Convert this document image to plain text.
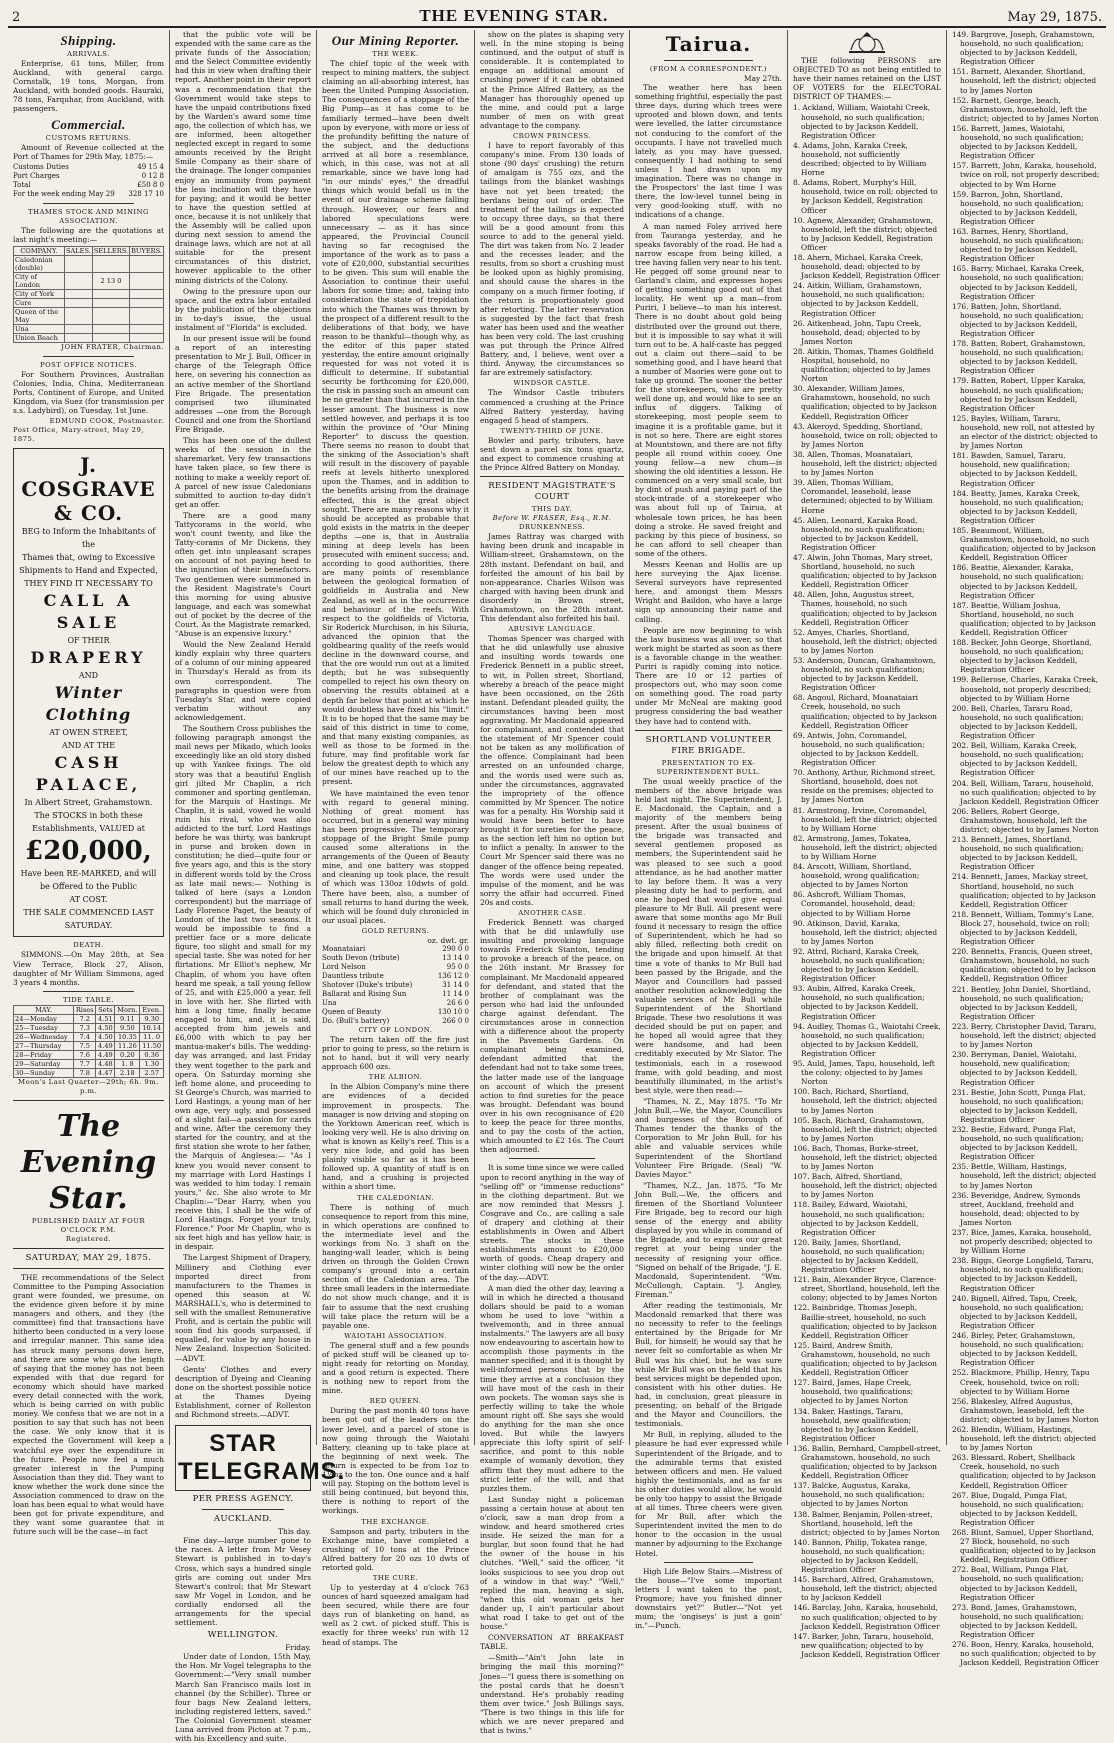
2	THE EVENING STAR.	May 29, 1875.
Shipping.
ARRIVALS.

Enterprise, 61 tons, Miller, from Auckland, with general cargo. Cornstalk, 19 tons, Morgan, from Auckland, with bonded goods. Hauraki, 78 tons, Farquhar, from Auckland, with passengers.

Commercial.
CUSTOMS RETURNS.

Amount of Revenue collected at the Port of Thames for 29th May, 1875:—

Customs Duties	49 15 4
Port Charges	0 12 8
Total	£50 8 0
For the week ending May 29	328 17 10
THAMES STOCK AND MINING ASSOCIATION.

The following are the quotations at last night's meeting:—

COMPANY.	SALES.	SELLERS.	BUYERS.
Caledonian (double)			
City of London		2 13 0	
City of York			
Cure			
Queen of the May			
Una			
Union Beach			
JOHN FRATER, Chairman.
POST OFFICE NOTICES.

For Southern Provinces, Australian Colonies, India, China, Mediterranean Ports, Continent of Europe, and United Kingdom, via Suez (for transmission per s.s. Ladybird), on Tuesday, 1st June.

EDMUND COOK, Postmaster.
Post Office, Mary-street, May 29, 1875.
J. COSGRAVE & CO.
BEG to Inform the Inhabitants of the
Thames that, owing to Excessive
Shipments to Hand and Expected,
THEY FIND IT NECESSARY TO
CALL A SALE
OF THEIR
DRAPERY
AND
Winter Clothing
AT OWEN STREET,
AND AT THE
CASH PALACE,
In Albert Street, Grahamstown.
The STOCKS in both these Establishments, VALUED at
£20,000,
Have been RE-MARKED, and will be Offered to the Public
AT COST.
THE SALE COMMENCED LAST SATURDAY.
DEATH.

SIMMONS.—On May 28th, at Sea View Terrace, Block 27, Alison, daughter of Mr William Simmons, aged 3 years 4 months.

TIDE TABLE.
MAY.	Rises	Sets	Morn.	Even.
24—Monday	7.2	4.51	9.11	9.30
25—Tuesday	7.3	4.50	9.50	10.14
26—Wednesday	7.4	4.50	10.35	11. 0
27—Thursday	7.5	4.49	11.26	11.50
28—Friday	7.6	4.49	0.20	0.36
29—Saturday	7.7	4.48	1. 8	1.30
30—Sunday	7.8	4.47	2.18	2.57
Moon's Last Quarter—29th; 6h. 9m. p.m.
The Evening Star.
PUBLISHED DAILY AT FOUR O'CLOCK P.M.
Registered.
SATURDAY, MAY 29, 1875.

THE recommendations of the Select Committee to the Pumping Association grant were founded, we presume, on the evidence given before it by mine managers and others, and they (the committee) find that transactions have hitherto been conducted in a very loose and irregular manner. This same idea has struck many persons down here, and there are some who go the length of saying that the money has not been expended with that due regard for economy which should have marked every detail connected with the work, which is being carried on with public money. We confess that we are not in a position to say that such has not been the case. We only know that it is expected the Government will keep a watchful eye over the expenditure in the future. People now feel a much greater interest in the Pumping Association than they did. They want to know whether the work done since the Association commenced to draw on the loan has been equal to what would have been got for private expenditure, and they want some guarantee that in future such will be the case—in fact

that the public vote will be expended with the same care as the private funds of the Association; and the Select Committee evidently had this in view when drafting their report. Another point in their report was a recommendation that the Government would take steps to have the unpaid contributions fixed by the Warden's award some time ago, the collection of which has, we are informed, been altogether neglected except in regard to some amounts received by the Bright Smile Company as their share of the drainage. The longer companies enjoy an immunity from payment the less inclination will they have for paying; and it would be better to have the question settled at once, because it is not unlikely that the Assembly will be called upon during next session to amend the drainage laws, which are not at all suitable for the present circumstances of this district, however applicable to the other mining districts of the Colony.

Owing to the pressure upon our space, and the extra labor entailed by the publication of the objections in to-day's issue, the usual instalment of "Florida" is excluded.

In our present issue will be found a report of an interesting presentation to Mr J. Bull, Officer in charge of the Telegraph Office here, on severing his connection as an active member of the Shortland Fire Brigade. The presentation comprised two illuminated addresses —one from the Borough Council and one from the Shortland Fire Brigade.

This has been one of the dullest weeks of the session in the sharemarket. Very few transactions have taken place, so few there is nothing to make a weekly report of. A parcel of new issue Caledonians submitted to auction to-day didn't get an offer.

There are a good many Tattycorams in the world, who won't count twenty, and like the Tatty-corams of Mr Dickens, they often get into unpleasant scrapes on account of not paying heed to the injunction of their benefactors. Two gentlemen were summoned in the Resident Magistrate's Court this morning for using abusive language, and each was somewhat out of pocket by the decree of the Court. As the Magistrate remarked, "Abuse is an expensive luxury."

Would the New Zealand Herald kindly explain why three quarters of a column of our mining appeared in Thursday's Herald as from its own correspondent. The paragraphs in question were from Tuesday's Star, and were copied verbatim without any acknowledgement.

The Southern Cross publishes the following paragraph amongst the mail news per Mikado, which looks exceedingly like an old story dished up with Yankee fixings. The old story was that a beautiful English girl jilted Mr Chaplin, a rich commoner and sporting gentleman, for the Marquis of Hastings. Mr Chaplin, it is said, vowed he would ruin his rival, who was also addicted to the turf. Lord Hastings before he was thirty, was bankrupt in purse and broken down in constitution; he died—quite four or five years ago, and this is the story in different words told by the Cross as late mail news:— Nothing is talked of here (says a London correspondent) but the marriage of Lady Florence Paget, the beauty of London of the last two seasons. It would be impossible to find a prettier face or a more delicate figure, too slight and small for my special taste. She was noted for her flirtations. Mr Elliot's nephew, Mr Chaplin, of whom you have often heard me speak, a tall young fellow of 25, and with £25,000 a year, fell in love with her. She flirted with him a long time, finally became engaged to him, and, it is said, accepted from him jewels and £6,000 with which to pay her mantua-maker's bills. The wedding-day was arranged, and last Friday they went together to the park and opera. On Saturday morning she left home alone, and proceeding to St George's Church, was married to Lord Hastings, a young man of her own age, very ugly, and possessed of a slight fail—a passion for cards and wine. After the ceremony they started for the country, and at the first station she wrote to her father, the Marquis of Anglesea:— "As I knew you would never consent to my marriage with Lord Hastings I was wedded to him today. I remain yours," &c. She also wrote to Mr Chaplin:—"Dear Harry, when you receive this, I shall be the wife of Lord Hastings. Forget your truly, Florence." Poor Mr Chaplin, who is six feet high and has yellow hair, is in despair.

The Largest Shipment of Drapery, Millinery and Clothing ever imported direct from manufacturers to the Thames is opened this season at W. MARSHALL's, who is determined to sell with the smallest Remunerative Profit, and is certain the public will soon find his goods surpassed, if equalled, for value by any house in New Zealand. Inspection Solicited.—ADVT.

Gents' Clothes and every description of Dyeing and Cleaning done on the shortest possible notice at the Thames Dyeing Establishment, corner of Rolleston and Richmond streets.—ADVT.

STAR TELEGRAMS.
PER PRESS AGENCY.
AUCKLAND.
This day.

Fine day—large number gone to the races. A letter from Mr Vesey Stewart is published in to-day's Cross, which says a hundred single girls are coming out under Mrs Stewart's control; that Mr Stewart saw Mr Vogel in London, and he cordially endorsed all the arrangements for the special settlement.

WELLINGTON.
Friday.

Under date of London, 15th May, the Hon. Mr Vogel telegraphs to the Government:—"Very small number March San Francisco mails lost in channel (by the Schiller). Three or four bags New Zealand letters, including registered letters, saved." The Colonial Government steamer Luna arrived from Picton at 7 p.m., with his Excellency and suite.

Our Mining Reporter.
THE WEEK.

The chief topic of the week with respect to mining matters, the subject claiming an all-absorbing interest, has been the United Pumping Association. The consequences of a stoppage of the Big Pump—as it has come to be familiarly termed—have been dwelt upon by everyone, with more or less of the profundity befitting the nature of the subject, and the deductions arrived at all bore a resemblance, which, in this case, was not at all remarkable, since we have long had "in our minds' eyes," the dreadful things which would befall us in the event of our drainage scheme falling through. However, our fears and labored speculations were unnecessary — as it has since appeared, the Provincial Council having so far recognised the importance of the work as to pass a vote of £20,000, substantial securities to be given. This sum will enable the Association to continue their useful labors for some time; and, taking into consideration the state of trepidation into which the Thames was thrown by the prospect of a different result to the deliberations of that body, we have reason to be thankful—though why, as the editor of this paper stated yesterday, the entire amount originally requested for was not voted it is difficult to determine. If substantial security be forthcoming for £20,000, the risk in passing such an amount can be no greater than that incurred in the lesser amount. The business is now settled however, and perhaps it is too within the province of "Our Mining Reporter" to discuss the question. There seems no reason to doubt that the sinking of the Association's shaft will result in the discovery of payable reefs at levels hitherto unexplored upon the Thames, and in addition to the benefits arising from the drainage effected, this is the great object sought. There are many reasons why it should be accepted as probable that gold exists in the matrix in the deeper depths —one is, that in Australia mining at deep levels has been prosecuted with eminent success; and, according to good authorities, there are many points of resemblance between the geological formation of goldfields in Australia and New Zealand, as well as in the occurrence and behaviour of the reefs. With respect to the goldfields of Victoria, Sir Roderick Murchison, in his Siluria, advanced the opinion that the goldbearing quality of the reefs would decline in the downward course, and that the ore would run out at a limited depth; but he was subsequently compelled to reject his own theory on observing the results obtained at a depth far below that point at which he would doubtless have fixed his "limit." It is to be hoped that the same may be said of this district in time to come, and that many existing companies, as well as those to be formed in the future, may find profitable work far below the greatest depth to which any of our mines have reached up to the present.

We have maintained the even tenor with regard to general mining. Nothing of great moment has occurred, but in a general way mining has been progressive. The temporary stoppage of the Bright Smile pump caused some alterations in the arrangements of the Queen of Beauty mine, and one battery was stopped and cleaning up took place, the result of which was 130oz 10dwts of gold. There have been, also, a number of small returns to hand during the week, which will be found duly chronicled in our usual places.

GOLD RETURNS.
oz. dwt. gr.
Moanataiari	290 0 0
South Devon (tribute)	13 14 0
Lord Nelson	95 0 0
Dauntless tribute	136 12 0
Shotover (Duke's tribute)	31 14 0
Ballarat and Rising Sun	11 14 0
Una	26 6 0
Queen of Beauty	130 10 0
Do. (Bull's battery)	266 0 0
CITY OF LONDON.

The return taken off the fire just prior to going to press, so the return is not to hand, but it will very nearly approach 600 ozs.

THE ALBION.

In the Albion Company's mine there are evidences of a decided improvement in prospects. The manager is now driving and stoping on the Yorktown American reef, which is looking very well. He is also driving on what is known as Kelly's reef. This is a very nice lode, and gold has been plainly visible so far as it has been followed up. A quantity of stuff is on hand, and a crushing is projected within a short time.

THE CALEDONIAN.

There is nothing of much consequence to report from this mine, in which operations are confined to the intermediate level and the workings from No. 3 shaft on the hanging-wall leader, which is being driven on through the Golden Crown company's ground into a certain section of the Caledonian area. The three small leaders in the intermediate do not show much change, and it is fair to assume that the next crushing will take place the return will be a payable one.

WAIOTAHI ASSOCIATION.

The general stuff and a few pounds of picked stuff will be cleaned up to-night ready for retorting on Monday, and a good return is expected. There is nothing new to report from the mine.

RED QUEEN.

During the past month 40 tons have been got out of the leaders on the lower level, and a parcel of stone is now going through the Waiotahi Battery, cleaning up to take place at the beginning of next week. The return is expected to be from 1oz to 1½oz to the ton. One ounce and a half will pay. Stoping on the bottom level is still being continued, but beyond this, there is nothing to report of the workings.

THE EXCHANGE.

Sampson and party, tributers in the Exchange mine, have completed a crushing of 10 tons at the Prince Alfred battery for 20 ozs 10 dwts of retorted gold.

THE CURE.

Up to yesterday at 4 o'clock 763 ounces of hard squeezed amalgam had been secured, while there are four days run of blanketing on hand, as well as 2 cwt. of picked stuff. This is exactly for three weeks' run with 12 head of stamps. The

show on the plates is shaping very well. In the mine stoping is being continued, and the output of stuff is considerable. It is contemplated to engage an additional amount of crushing power if it can be obtained at the Prince Alfred Battery, as the Manager has thoroughly opened up the mine, and could put a large number of men on with great advantage to the company.

CROWN PRINCESS.

I have to report favorably of this company's mine. From 130 loads of stone (90 days' crushing) the return of amalgam is 755 ozs, and the tailings from the blanket washings have not yet been treated; the berdans being out of order. The treatment of the tailings is expected to occupy three days, so that there will be a good amount from this source to add to the general yield. The dirt was taken from No. 2 leader and the recesses leader, and the results, from so short a crushing must be looked upon as highly promising, and should cause the shares in the company on a much firmer footing, if the return is proportionately good after retorting. The latter reservation is suggested by the fact that fresh water has been used and the weather has been very cold. The last crushing was put through the Prince Alfred Battery, and, I believe, went over a third. Anyway, the circumstances so far are extremely satisfactory.

WINDSOR CASTLE.

The Windsor Castle tributers commenced a crushing at the Prince Alfred Battery yesterday, having engaged 5 head of stampers.

TWENTY-THIRD OF JUNE.

Bowler and party, tributers, have sent down a parcel six tons quartz, and expect to commence crushing at the Prince Alfred Battery on Monday.

RESIDENT MAGISTRATE'S COURT
THIS DAY.
Before W. FRASER, Esq., R.M.
DRUNKENNESS.

James Rattray was charged with having been drunk and incapable in William-street, Grahamstown, on the 28th instant. Defendant on bail, and forfeited the amount of his bail by non-appearance. Charles Wilson was charged with having been drunk and disorderly in Brown street, Grahamstown, on the 28th instant. This defendant also forfeited his bail.

ABUSIVE LANGUAGE.

Thomas Spencer was charged with that he did unlawfully use abusive and insulting words towards one Frederick Bennett in a public street, to wit, in Pollen street, Shortland, whereby a breach of the peace might have been occasioned, on the 26th instant. Defendant pleaded guilty, the circumstances having been most aggravating. Mr Macdonald appeared for complainant, and contended that the statement of Mr Spencer could not be taken as any mollification of the offence. Complainant had been arrested on an unfounded charge, and the words used were such as, under the circumstances, aggravated the impropriety of the offence committed by Mr Spencer. The notice was for a penalty. His Worship said it would have been better to have brought it for sureties for the peace, as the section left him no option but to inflict a penalty. In answer to the Court Mr Spencer said there was no danger of the offence being repeated. The words were used under the impulse of the moment, and he was sorry the affair had occurred. Fined 20s and costs.

ANOTHER CASE.

Frederick Bennett was charged with that he did unlawfully use insulting and provoking language towards Frederick Stanton, tending to provoke a breach of the peace, on the 26th instant. Mr Brassey for complainant. Mr Macdonald appeared for defendant, and stated that the brother of complainant was the person who had laid the unfounded charge against defendant. The circumstances arose in connection with a difference about the property in the Pavements Gardens. On complainant being examined, defendant admitted that the defendant had not to take some trees, the latter made use of the language on account of which the present action to find sureties for the peace was brought. Defendant was bound over in his own recognisance of £20 to keep the peace for three months, and to pay the costs of the action, which amounted to £2 16s. The Court then adjourned.

It is some time since we were called upon to record anything in the way of "selling off" or "immense reductions" in the clothing department. But we are now reminded that Messrs J. Cosgrave and Co., are calling a sale of drapery and clothing at their establishments in Owen and Albert streets. The stocks in these establishments amount to £20,000 worth of goods. Cheap drapery and winter clothing will now be the order of the day.—ADVT.

A man died the other day, leaving a will in which he directed a thousand dollars should be paid to a woman whom he used to love "within a twelvemonth, and in three annual instalments." The lawyers are all busy now endeavouring to ascertain how to accomplish those payments in the manner specified; and it is thought by well-informed persons that by the time they arrive at a conclusion they will have most of the cash in their own pockets. The woman says she is perfectly willing to take the whole amount right off. She says she would do anything for the man she once loved. But while the lawyers appreciate this lofty spirit of self-sacrifice, and point to this noble example of womanly devotion, they affirm that they must adhere to the strict letter of the will, and that puzzles them.

Last Sunday night a policeman passing a certain house at about ten o'clock, saw a man drop from a window, and heard smothered cries inside. He seized the man for a burglar, but soon found that he had the owner of the house in his clutches. "Well," said the officer, "it looks suspicious to see you drop out of a window in that way." "Well," replied the man, heaving a sigh, "when this old woman gets her dander up, I ain't particular about what road I take to get out of the house."

CONVERSATION AT BREAKFAST TABLE.

—Smith—"Ain't John late in bringing the mail this morning?" Jones—"I guess there is something on the postal cards that he doesn't understand. He's probably reading them over twice." Josh Billings says, "There is two things in this life for which we are never prepared and that is twins."

Tairua.
(FROM A CORRESPONDENT.)
May 27th.

The weather here has been something frightful, especially the past three days, during which trees were uprooted and blown down, and tents were levelled, the latter circumstance not conducing to the comfort of the occupants. I have not travelled much lately, as you may have guessed, consequently I had nothing to send unless I had drawn upon my imagination. There was no change in the Prospectors' the last time I was there, the low-level tunnel being in very good-looking stuff, with no indications of a change.

A man named Foley arrived here from Tauranga yesterday, and he speaks favorably of the road. He had a narrow escape from being killed, a tree having fallen very near to his tent. He pegged off some ground near to Garland's claim, and expresses hopes of getting something good out of that locality. He went up a man—from Puriri, I believe—to man his interest. There is no doubt about gold being distributed over the ground out there, but it is impossible to say what it will turn out to be. A half-caste has pegged out a claim out there—said to be something good, and I have heard that a number of Maories were gone out to take up ground. The sooner the better for the storekeepers, who are pretty well done up, and would like to see an influx of diggers. Talking of storekeeping, most people seem to imagine it is a profitable game, but it is not so here. There are eight stores at Mountstown, and there are not fifty people all round within cooey. One young fellow—a new chum—is showing the old identities a lesson. He commenced on a very small scale, but by dint of push and paying part of the stock-intrade of a storekeeper who was about full up of Tairua, at wholesale town prices, he has been doing a stroke. He saved freight and packing by this piece of business, so he can afford to sell cheaper than some of the others.

Messrs Keenan and Hollis are up here surveying the Ajax license. Several surveyors have represented here, and amongst them Messrs Wright and Baildon, who have a large sign up announcing their name and calling.

People are now beginning to wish the law business was all over, so that work might be started as soon as there is a favorable change in the weather. Puriri is rapidly coming into notice. There are 10 or 12 parties of prospectors out, who may soon come on something good. The road party under Mr McNeal are making good progress considering the bad weather they have had to contend with.

SHORTLAND VOLUNTEER FIRE BRIGADE.
PRESENTATION TO EX-SUPERINTENDENT BULL.

The usual weekly practice of the members of the above brigade was held last night. The Superintendent, J. E. Macdonald, the Captain, and a majority of the members being present. After the usual business of the brigade was transacted and several gentlemen proposed as members, the Superintendent said he was pleased to see such a good attendance, as he had another matter to lay before them. It was a very pleasing duty he had to perform, and one he hoped that would give equal pleasure to Mr Bull. All present were aware that some months ago Mr Bull found it necessary to resign the office of Superintendent, which he had so ably filled, reflecting both credit on the brigade and upon himself. At that time a vote of thanks to Mr Bull had been passed by the Brigade, and the Mayor and Councillors had passed another resolution acknowledging the valuable services of Mr Bull while Superintendent of the Shortland Brigade. These two resolutions it was decided should be put on paper, and he hoped all would agree that they were handsome, and had been creditably executed by Mr Slator. The testimonials, each in a rosewood frame, with gold beading, and most beautifully illuminated, in the artist's best style, were then read:—

"Thames, N. Z., May 1875. "To Mr John Bull,—We, the Mayor, Councillors and burgesses of the Borough of Thames tender the thanks of the Corporation to Mr John Bull, for his able and valuable services while Superintendent of the Shortland Volunteer Fire Brigade. (Seal) "W. Davies Mayor."

"Thames, N.Z., Jan. 1875. "To Mr John Bull,—We, the officers and firemen of the Shortland Volunteer Fire Brigade, beg to record our high sense of the energy and ability displayed by you while in command of the Brigade, and to express our great regret at your being under the necessity of resigning your office. "Signed on behalf of the Brigade, "J. E. Macdonald, Superintendent. "Wm. McCullough, Captain. "J. Angley, Fireman."

After reading the testimonials, Mr Macdonald remarked that there was no necessity to refer to the feelings entertained by the Brigade for Mr Bull, for himself; he would say that he never felt so comfortable as when Mr Bull was his chief, but he was sure while Mr Bull was on the field that his best services might be depended upon, consistent with his other duties. He had, in conclusion, great pleasure in presenting, on behalf of the Brigade and the Mayor and Councillors, the testimonials.

Mr Bull, in replying, alluded to the pleasure he had ever expressed while Superintendent of the Brigade, and to the admirable terms that existed between officers and men. He valued highly the testimonials, and as far as his other duties would allow, he would be only too happy to assist the Brigade at all times. Three cheers were given for Mr Bull, after which the Superintendent invited the men to do honor to the occasion in the usual manner by adjourning to the Exchange Hotel.

High Life Below Stairs.—Mistress of the house—"I've some important letters I want taken to the post, Progmore; have you finished dinner downstairs yet?" Butler—"Not yet mum; the 'ongiseys' is just a goin' in."—Punch.

THE following PERSONS are OBJECTED TO as not being entitled to have their names retained on the LIST OF VOTERS for the ELECTORAL DISTRICT OF THAMES:—

1. Ackland, William, Waiotahi Creek, household, no such qualification; objected to by Jackson Keddell, Registration Officer

4. Adams, John, Karaka Creek, household, not sufficiently described; objected to by William Horne

8. Adams, Robert, Murphy's Hill, household, twice on roll; objected to by Jackson Keddell, Registration Officer

10. Agnew, Alexander, Grahamstown, household, left the district; objected to by Jackson Keddell, Registration Officer

18. Ahern, Michael, Karaka Creek, household, dead; objected to by Jackson Keddell, Registration Officer

24. Aitkin, William, Grahamstown, household, no such qualification; objected to by Jackson Keddell, Registration Officer

26. Aitkenhead, John, Tapu Creek, household, dead; objected to by James Norton

28. Aitkin, Thomas, Thames Goldfield Hospital, household, no qualification; objected to by James Norton

30. Alexander, William James, Grahamstown, household, no such qualification; objected to by Jackson Keddell, Registration Officer

43. Akeroyd, Spedding, Shortland, household, twice on roll; objected to by James Norton

38. Allen, Thomas, Moanataiari, household, left the district; objected to by James Norton

39. Allen, Thomas William, Coromandel, leasehold, lease determined; objected to by William Horne

45. Allen, Leonard, Karaka Road, household, no such qualification; objected to by Jackson Keddell, Registration Officer

47. Alwin, John Thomas, Mary street, Shortland, household, no such qualification; objected to by Jackson Keddell, Registration Officer

48. Allen, John, Augustus street, Thames, household, no such qualification; objected to by Jackson Keddell, Registration Officer

52. Amyes, Charles, Shortland, household, left the district; objected to by James Norton

53. Anderson, Duncan, Grahamstown, household, no such qualification; objected to by Jackson Keddell, Registration Officer

68. Angoul, Richard, Moanataiari Creek, household, no such qualification; objected to by Jackson Keddell, Registration Officer

69. Antwis, John, Coromandel, household, no such qualification; objected to by Jackson Keddell, Registration Officer

70. Anthony, Arthur, Richmond street, Shortland, household, does not reside on the premises; objected to by James Norton

81. Armstrong, Irvine, Coromandel, household, left the district; objected to by William Horne

82. Armstrong, James, Tokatea, household, left the district; objected to by William Horne

84. Arscott, William, Shortland, household, wrong qualification; objected to by James Norton

86. Ashcroft, William Thomas, Coromandel, household, dead; objected to by William Horne

90. Atkinson, David, Karaka, household, left the district; objected to by James Norton

92. Attrd, Richard, Karaka Creek, household, no such qualification; objected to by Jackson Keddell, Registration Officer

93. Aubin, Alfred, Karaka Creek, household, no such qualification; objected to by Jackson Keddell, Registration Officer

94. Audley, Thomas G., Waiotahi Creek, household, no such qualification; objected to by Jackson Keddell, Registration Officer

95. Auld, James, Tapu, household, left the colony; objected to by James Norton

100. Bach, Richard, Shortland, household, left the district; objected to by James Norton

105. Bach, Richard, Grahamstown, household, left the district; objected to by James Norton

106. Bach, Thomas, Burke-street, household, left the district; objected to by James Norton

107. Bach, Alfred, Shortland, household, left the district; objected to by James Norton

118. Bailey, Edward, Waiotahi, household, no such qualification; objected to by Jackson Keddell, Registration Officer

120. Baily, James, Shortland, household, no such qualification; objected to by Jackson Keddell, Registration Officer

121. Bain, Alexander Bryce, Clarence-street, Shortland, household, left the colony; objected to by James Norton

122. Bainbridge, Thomas Joseph, Baillie-street, household, no such qualification; objected to by Jackson Keddell, Registration Officer

125. Baird, Andrew Smith, Grahamstown, household, no such qualification; objected to by Jackson Keddell, Registration Officer

127. Baird, James, Hape Creek, household, two qualifications; objected to by James Norton

134. Baker, Hastings, Tararu, household, new qualification; objected to by Jackson Keddell, Registration Officer

136. Ballin, Bernhard, Campbell-street, Grahamstown, household, no such qualification; objected to by Jackson Keddell, Registration Officer

137. Balcke, Augustus, Karaka, household, no such qualification; objected to by James Norton

138. Balmer, Benjamin, Pollen-street, Shortland, household, left the district; objected to by James Norton

140. Bannon, Philip, Tokatea range, household, no such qualification; objected to by Jackson Keddell, Registration Officer

145. Barchard, Alfred, Grahamstown, household, left the district; objected to by Jackson Keddell

146. Barclay, John, Karaka, household, no such qualification; objected to by Jackson Keddell, Registration Officer

147. Barker, John, Tararu, household, new qualification; objected to by Jackson Keddell, Registration Officer

149. Bargrove, Joseph, Grahamstown, household, no such qualification; objected to by Jackson Keddell, Registration Officer

151. Barnett, Alexander, Shortland, household, left the district; objected to by James Norton

152. Barnett, George, beach, Grahamstown, household, left the district; objected to by James Norton

156. Barrett, James, Waiotahi, household, no such qualification; objected to by Jackson Keddell, Registration Officer

157. Barrett, John, Karaka, household, twice on roll, not properly described; objected to by Wm Horne

159. Barron, John, Shortland, household, no such qualification; objected to by Jackson Keddell, Registration Officer

163. Barnes, Henry, Shortland, household, no such qualification; objected to by Jackson Keddell, Registration Officer

165. Barry, Michael, Karaka Creek, household, no such qualification; objected to by Jackson Keddell, Registration Officer

176. Batten, John, Shortland, household, no such qualification; objected to by Jackson Keddell, Registration Officer

178. Batten, Robert, Grahamstown, household, no such qualification; objected to by Jackson Keddell, Registration Officer

179. Batten, Robert, Upper Karaka, household, no such qualification; objected to by Jackson Keddell, Registration Officer

125. Bayles, William, Tararu, household, new roll, not attested by an elector of the district; objected to by James Norton

181. Bawden, Samuel, Tararu, household, new qualification; objected to by Jackson Keddell, Registration Officer

184. Beatty, James, Karaka Creek, household, no such qualification; objected to by Jackson Keddell, Registration Officer

185. Beaumont, William, Grahamstown, household, no such qualification; objected to by Jackson Keddell, Registration Officer

186. Beattie, Alexander, Karaka, household, no such qualification; objected to by Jackson Keddell, Registration Officer

187. Beattie, William Joshua, Shortland, household, no such qualification; objected to by Jackson Keddell, Registration Officer

188. Becker, John George, Shortland, household, no such qualification; objected to by Jackson Keddell, Registration Officer

199. Bellerose, Charles, Karaka Creek, household, not properly described; objected to by William Horne

200. Bell, Charles, Tararu Road, household, no such qualification; objected to by Jackson Keddell, Registration Officer

202. Bell, William, Karaka Creek, household, no such qualification; objected to by Jackson Keddell, Registration Officer

204. Bell, William, Tararu, household, no such qualification; objected to by Jackson Keddell, Registration Officer

206. Bellers, Robert George, Grahamstown, household, left the district; objected to by James Norton

213. Bennett, James, Shortland, household, no such qualification; objected to by Jackson Keddell, Registration Officer

214. Bennett, James, Mackay street, Shortland, household, no such qualification; objected to by Jackson Keddell, Registration Officer

218. Bennett, William, Tommy's Lane, Block 27, household, twice on roll; objected to by Jackson Keddell, Registration Officer

220. Bennetts, Francis, Queen street, Grahamstown, household, no such qualification; objected to by Jackson Keddell, Registration Officer

221. Bentley, John Daniel, Shortland, household, no such qualification; objected to by Jackson Keddell, Registration Officer

223. Berry, Christopher David, Tararu, household, left the district; objected to by James Norton

230. Berryman, Daniel, Waiotahi, household, new qualification; objected to by Jackson Keddell, Registration Officer

231. Bestie, John Scott, Punga Flat, household, no such qualification; objected to by Jackson Keddell, Registration Officer

232. Bestie, Edward, Punga Flat, household, no such qualification; objected to by Jackson Keddell, Registration Officer

235. Bettle, William, Hastings, household, left the district; objected to by James Norton

236. Beveridge, Andrew, Symonds street, Auckland, freehold and household, dead; objected to by James Norton

237. Bice, James, Karaka, household, not properly described; objected to by William Horne

238. Biggs, George Longfield, Tararu, household, no such qualification; objected to by Jackson Keddell, Registration Officer

240. Bignell, Alfred, Tapu, Creek, household, no such qualification; objected to by Jackson Keddell, Registration Officer

246. Birley, Peter, Grahamstown, household, no such qualification; objected to by Jackson Keddell, Registration Officer

252. Blackmore, Phillip, Henry, Tapu Creek, household, twice on roll; objected to by William Horne

256. Blakesley, Alfred Augustus, Grahamstown, leasehold, left the district; objected to by James Norton

262. Blendin, William, Hastings, household, left the district; objected to by James Norton

263. Blessard, Robert, Shellback Creek, household, no such qualification; objected to by Jackson Keddell, Registration Officer

267. Blue, Dugald, Punga Flat, household, no such qualification; objected to by Jackson Keddell, Registration Officer

268. Blunt, Samuel, Upper Shortland, 27 Block, household, no such qualification; objected to by Jackson Keddell, Registration Officer

272. Boal, William, Punga Flat, household, no such qualification; objected to by Jackson Keddell, Registration Officer

273. Bond, James, Grahamstown, household, no such qualification; objected to by Jackson Keddell, Registration Officer

276. Boon, Henry, Karaka, household, no such qualification; objected to by Jackson Keddell, Registration Officer
